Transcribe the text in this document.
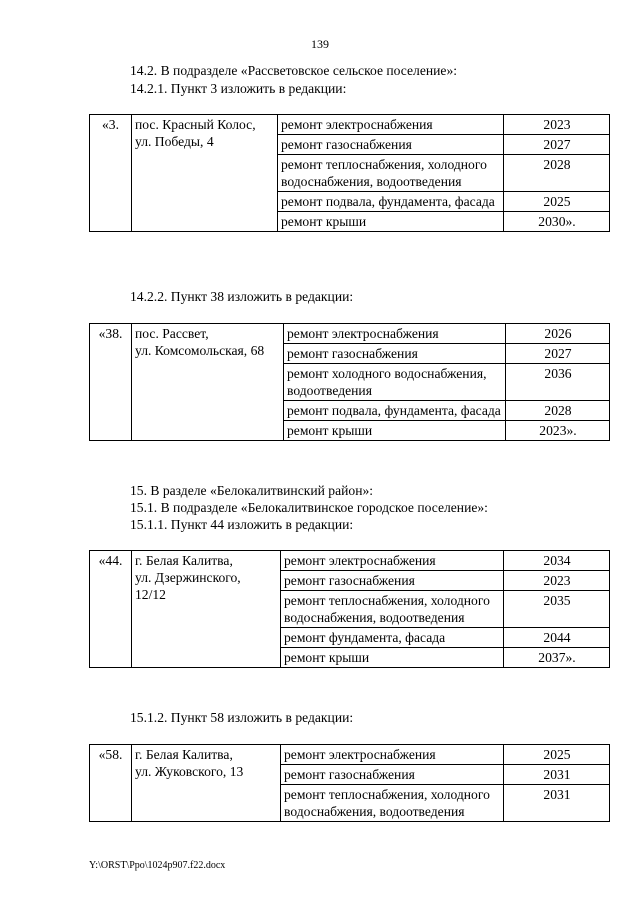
139
14.2. В подразделе «Рассветовское сельское поселение»:
14.2.1. Пункт 3 изложить в редакции:
«3.	пос. Красный Колос,
ул. Победы, 4	ремонт электроснабжения	2023
		ремонт газоснабжения	2027
		ремонт теплоснабжения, холодного водоснабжения, водоотведения	2028
		ремонт подвала, фундамента, фасада	2025
		ремонт крыши	2030».
14.2.2. Пункт 38 изложить в редакции:
«38.	пос. Рассвет,
ул. Комсомольская, 68	ремонт электроснабжения	2026
		ремонт газоснабжения	2027
		ремонт холодного водоснабжения, водоотведения	2036
		ремонт подвала, фундамента, фасада	2028
		ремонт крыши	2023».
15. В разделе «Белокалитвинский район»:
15.1. В подразделе «Белокалитвинское городское поселение»:
15.1.1. Пункт 44 изложить в редакции:
«44.	г. Белая Калитва,
ул. Дзержинского,
12/12	ремонт электроснабжения	2034
		ремонт газоснабжения	2023
		ремонт теплоснабжения, холодного водоснабжения, водоотведения	2035
		ремонт фундамента, фасада	2044
		ремонт крыши	2037».
15.1.2. Пункт 58 изложить в редакции:
«58.	г. Белая Калитва,
ул. Жуковского, 13	ремонт электроснабжения	2025
		ремонт газоснабжения	2031
		ремонт теплоснабжения, холодного водоснабжения, водоотведения	2031
Y:\ORST\Ppo\1024p907.f22.docx
